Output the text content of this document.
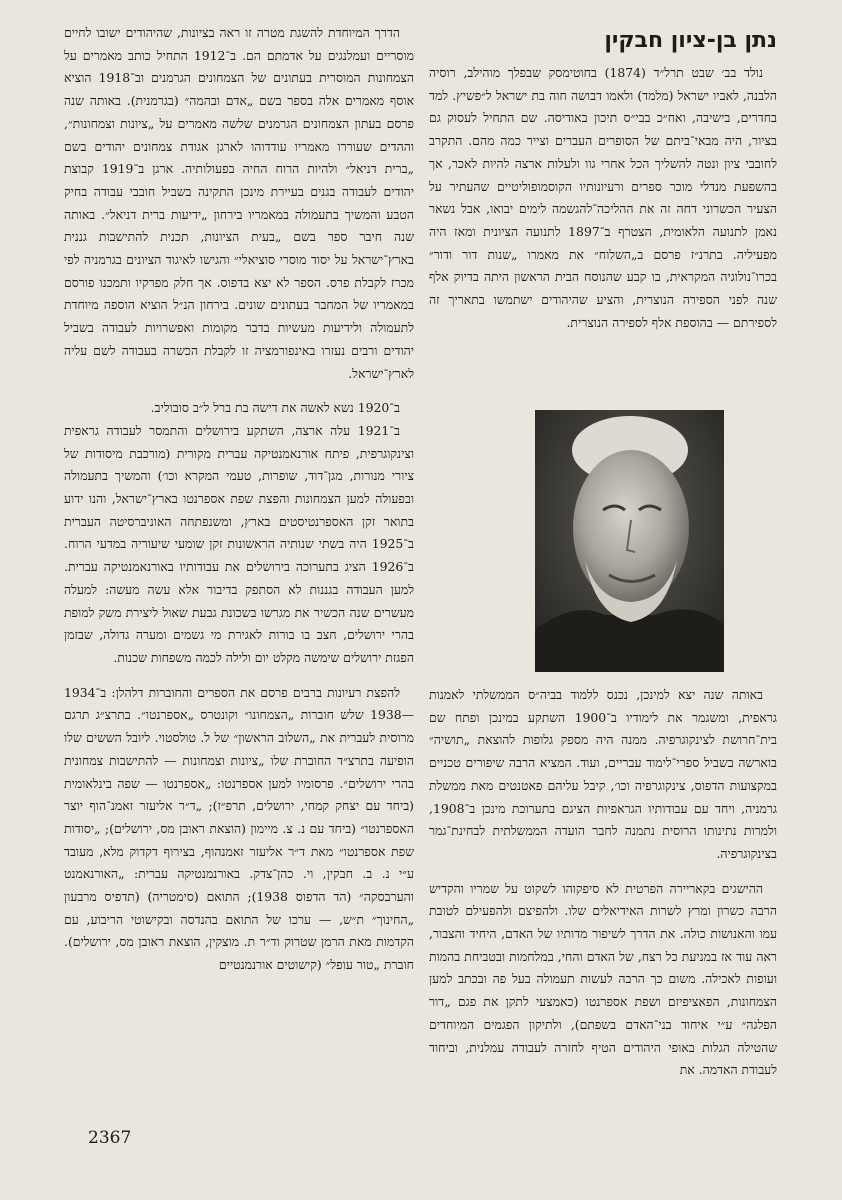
נתן בן-ציון חבקין

נולד בב׳ שבט תרל״ד (1874) בחוטימסק שבפלך מוהילב, רוסיה הלבנה, לאביו ישראל (מלמד) ולאמו דבושה חוה בת ישראל ל״פשיץ. למד בחדרים, בישיבה, ואח״כ בבי״ס תיכון באודיסה. שם התחיל לעסוק גם בציור, היה מבאי־ביתם של הסופרים העברים וצייר כמה מהם. התקרב לחובבי ציון ונטה להשליך הכל אחרי גוו ולעלות ארצה להיות לאכר, אך בהשפעת מנדלי מוכר ספרים ורעיונותיו הקוסמופוליטיים שהעתיר על הצעיר הכשרוני דחה זה את ההליכה־להגשמה לימים יבואו, אבל נשאר נאמן לתנועה הלאומית, הצטרף ב־1897 לתנועה הציונית ומאז היה מפעיליה. בתרנ״ז פרסם ב„השלוח״ את מאמרו „שנות דור ודור״ בכרו־נולוגיה המקראית, בו קבע שהנוסח הבית הראשון היתה בדיוק אלף שנה לפני הספירה הנוצרית, והציע שהיהודים ישתמשו בתאריך זה לספירתם — בהוספת אלף לספירה הנוצרית.

באותה שנה יצא למינכן, נכנס ללמוד בביה״ס הממשלתי לאמנות גראפית, ומשגמר את לימודיו ב־1900 השתקע במינכן ופתח שם בית־חרושת לצינקוגרפיה. ממנה היה מספק גלופות להוצאת „תושיה״ בוארשה בשביל ספרי־לימוד עבריים, ועוד. המציא הרבה שיפורים טכניים במקצועות הדפוס, צינקוגרפיה וכו׳, קיבל עליהם פאטנטים מאת ממשלת גרמניה, ויחד עם עבודותיו הגראפיות הציגם בתערוכת מינכן ב־1908, ולמרות נתינותו הרוסית נתמנה לחבר הועדה הממשלתית לבחינת־גמר בצינקוגרפיה.

ההישגים בקאריירה הפרטית לא סיפקוהו לשקוט על שמריו והקדיש הרבה כשרון ומרץ לשרות האידיאלים שלו. ולהפיצם ולהפעילם לטובת עמו והאנושות כולה. את הדרך לשיפור מדותיו של האדם, היחיד והצבור, ראה עוד אז במניעת כל רצח, של האדם והחי, במלחמות ובטביחת בהמות ועופות לאכילה. משום כך הרבה לעשות תעמולה בעל פה ובכתב למען הצמחונות, הפאציפיזם ושפת אספרנטו (כאמצעי לתקן את פגם „דור הפלגה״ ע״י איחוד בני־האדם בשפתם), ולתיקון הפגמים המיוחדים שהטילה הגלות באופי היהודים הטיף לחזרה לעבודה עמלנית, וביחוד לעבודת האדמה. את

הדרך המיוחדת להשגת מטרה זו ראה בציונות, שהיהודים ישובו לחיים מוסריים ועמלנגים על אדמתם הם. ב־1912 התחיל כותב מאמרים על הצמחונות המוסרית בעתונים של הצמחונים הגרמנים וב־1918 הוציא אוסף מאמרים אלה בספר בשם „אדם ובהמה״ (בגרמנית). באותה שנה פרסם בעתון הצמחונים הגרמנים שלשה מאמרים על „ציונות וצמחונות״, וההדים שעוררו מאמריו עודדוהו לארגן אגודת צמחונים יהודים בשם „ברית דניאל״ ולהיות הרוח החיה בפעולותיה. ארגן ב־1919 קבוצת יהודים לעבודה בגנים בעיירת מינכן התקינה בשביל חובבי עבודה בחיק הטבע והמשיך בתעמולה במאמריו בירחון „ידיעות ברית דניאל״. באותה שנה חיבר ספר בשם „בעית הציונות, תכנית להתישבות גננית בארץ־ישראל על יסוד מוסרי סוציאלי״ והגישו לאיגוד הציונים בגרמניה לפי מכרז לקבלת פרס. הספר לא יצא בדפוס. אך חלק מפרקיו ותמכנו פורסם במאמריו של המחבר בעתונים שונים. בירחון הנ״ל הוציא הוספה מיוחדת לתעמולה ולידיעות מעשיות בדבר מקומות ואפשרויות לעבודה בשביל יהודים ורבים נעזרו באינפורמציה זו לקבלת הכשרה בעבודה לשם עליה לארץ־ישראל.

ב־1920 נשא לאשה את דישה בת ברל ל״ב סובוליב.

ב־1921 עלה ארצה, השתקע בירושלים והתמסר לעבודה גראפית וצינקוגרפית, פיתח אורנאמנטיקה עברית מקורית (מורכבת מיסודות של ציורי מנורות, מגן־דוד, שופרות, טעמי המקרא וכו׳) והמשיך בתעמולה ובפעולה למען הצמחונות והפצת שפת אספרנטו בארץ־ישראל, והנו ידוע בתואר זקן האספרנטיסטים בארץ, ומשנפתחה האוניברסיטה העברית ב־1925 היה בשתי שנותיה הראשונות זקן שומעי שיעוריה במדעי הרוח. ב־1926 הציג בתערוכה בירושלים את עבודותיו באורנאמנטיקה עברית. למען העבודה בגננות לא הסתפק בדיבור אלא עשה מעשה: למעלה מעשרים שנה הכשיר את מגרשו בשכונת גבעת שאול ליצירת משק למופת בהרי ירושלים, חצב בו בורות לאגירת מי גשמים ומערה גדולה, שבזמן הפגזת ירושלים שימשה מקלט יום ולילה לכמה משפחות שכנות.

להפצת רעיונות ברבים פרסם את הספרים והחוברות דלהלן: ב־1934—1938 שלש חוברות „הצמחונו״ וקונטרס „אספרנטו״. בתרצ״ג תרגם מרוסית לעברית את „השלוב הראשון״ של ל. טולסטוי. ליובל הששים שלו הופיעה בתרצ״ד החוברת שלו „ציונות וצמחונות — להתישבות צמחונית בהרי ירושלים״. פרסומיו למען אספרנטו: „אספרנטו — שפה בינלאומית (ביחד עם יצחק קמחי, ירושלים, תרפ״ז); „ד״ר אליעזר זאמנ־הוף יוצר האספרנטו״ (ביחד עם נ. צ. מיימון (הוצאת ראובן מס, ירושלים); „יסודות שפת אספרנטו״ מאת ד״ר אליעזר זאמנהוף, בצירוף דקדוק מלא, מעובד ע״י נ. ב. חבקין, וי. כהן־צדק. באורנמנטיקה עברית: „האורנאמנט והערבסקה״ (הד הדפוס 1938); התואם (סימטריה) (תדפיס מרבעון „החינוך״ ת״ש, — ערכו של התואם בהנדסה ובקישוטי הריבוע, עם הקדמות מאת הרמן שטרוק וד״ר ת. מוצקין, הוצאת ראובן מס, ירושלים). חוברת „טור עופל״ (קישוטים אורנמנטיים

2367
